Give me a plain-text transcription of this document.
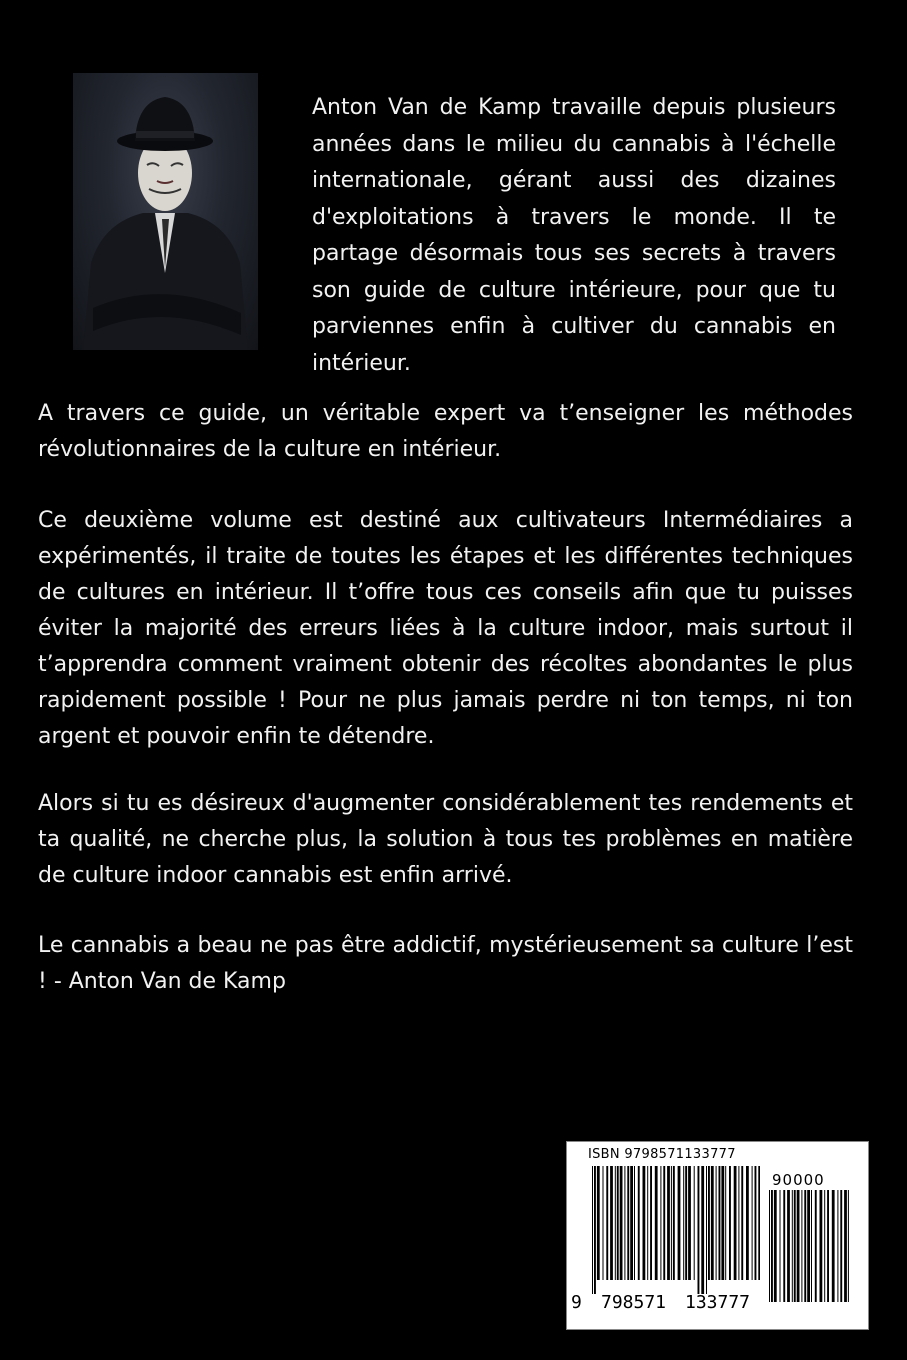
Anton Van de Kamp travaille depuis plusieurs années dans le milieu du cannabis à l'échelle internationale, gérant aussi des dizaines d'exploitations à travers le monde. Il te partage désormais tous ses secrets à travers son guide de culture intérieure, pour que tu parviennes enfin à cultiver du cannabis en intérieur.

A travers ce guide, un véritable expert va t’enseigner les méthodes révolutionnaires de la culture en intérieur.

Ce deuxième volume est destiné aux cultivateurs Intermédiaires a expérimentés, il traite de toutes les étapes et les différentes techniques de cultures en intérieur. Il t’offre tous ces conseils afin que tu puisses éviter la majorité des erreurs liées à la culture indoor, mais surtout il t’apprendra comment vraiment obtenir des récoltes abondantes le plus rapidement possible ! Pour ne plus jamais perdre ni ton temps, ni ton argent et pouvoir enfin te détendre.

Alors si tu es désireux d'augmenter considérablement tes rendements et ta qualité, ne cherche plus, la solution à tous tes problèmes en matière de culture indoor cannabis est enfin arrivé.

Le cannabis a beau ne pas être addictif, mystérieusement sa culture l’est ! - Anton Van de Kamp

ISBN 9798571133777
90000
9 798571 133777
